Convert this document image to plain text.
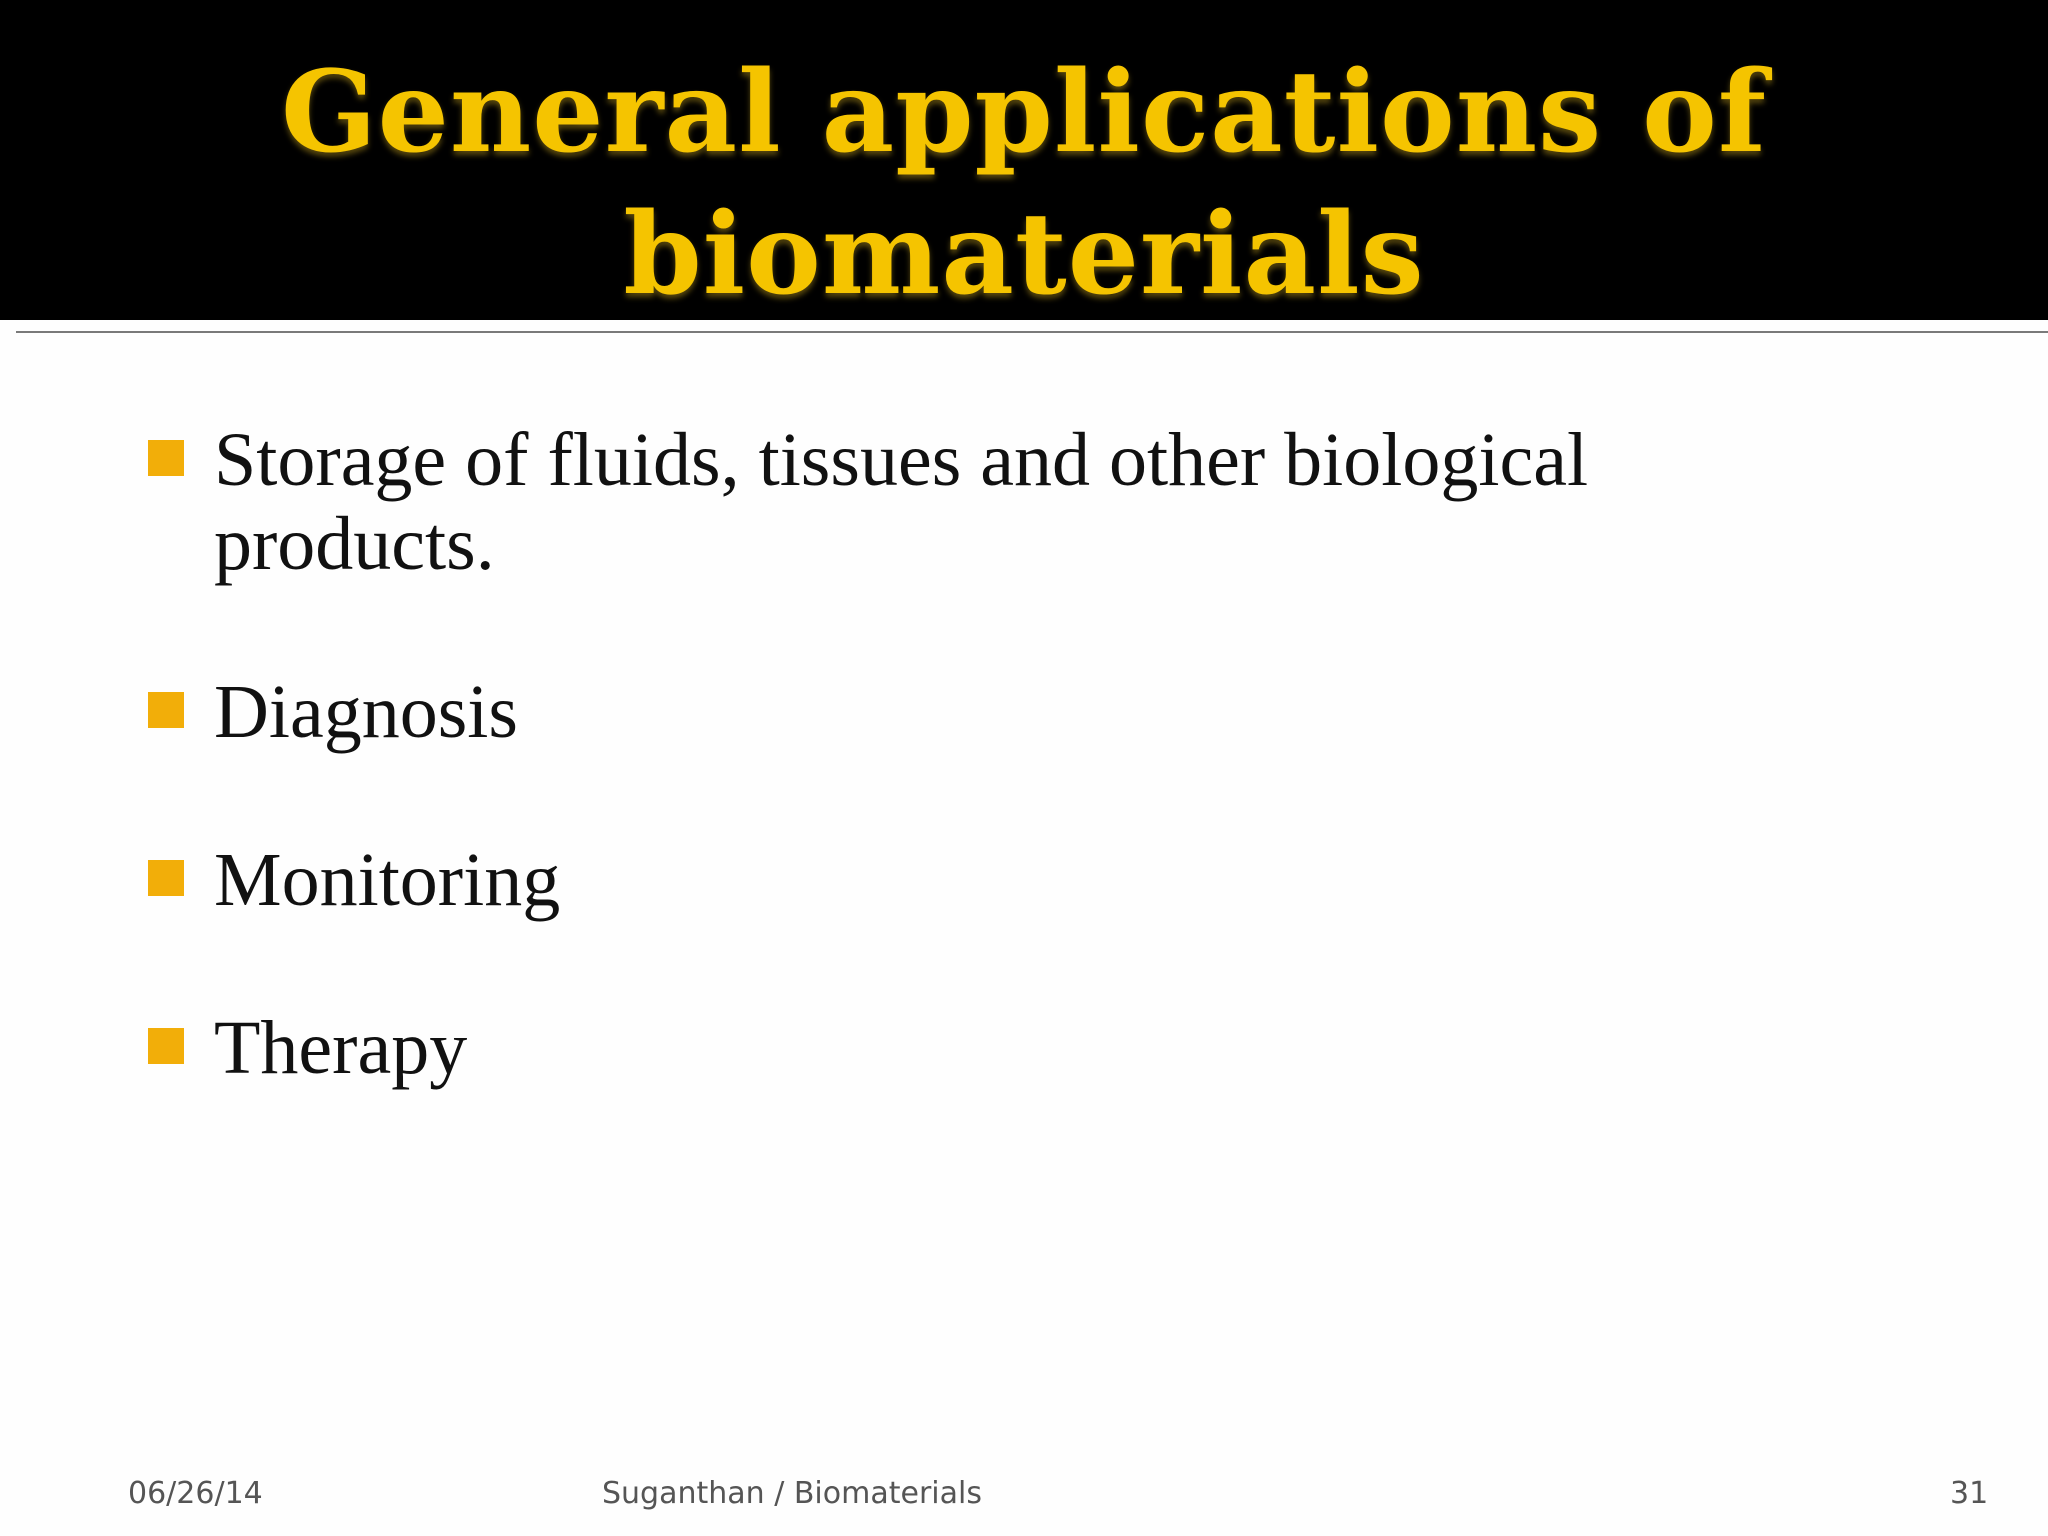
General applications of
biomaterials
Storage of fluids, tissues and other biological products.
Diagnosis
Monitoring
Therapy
06/26/14	Suganthan / Biomaterials	31
